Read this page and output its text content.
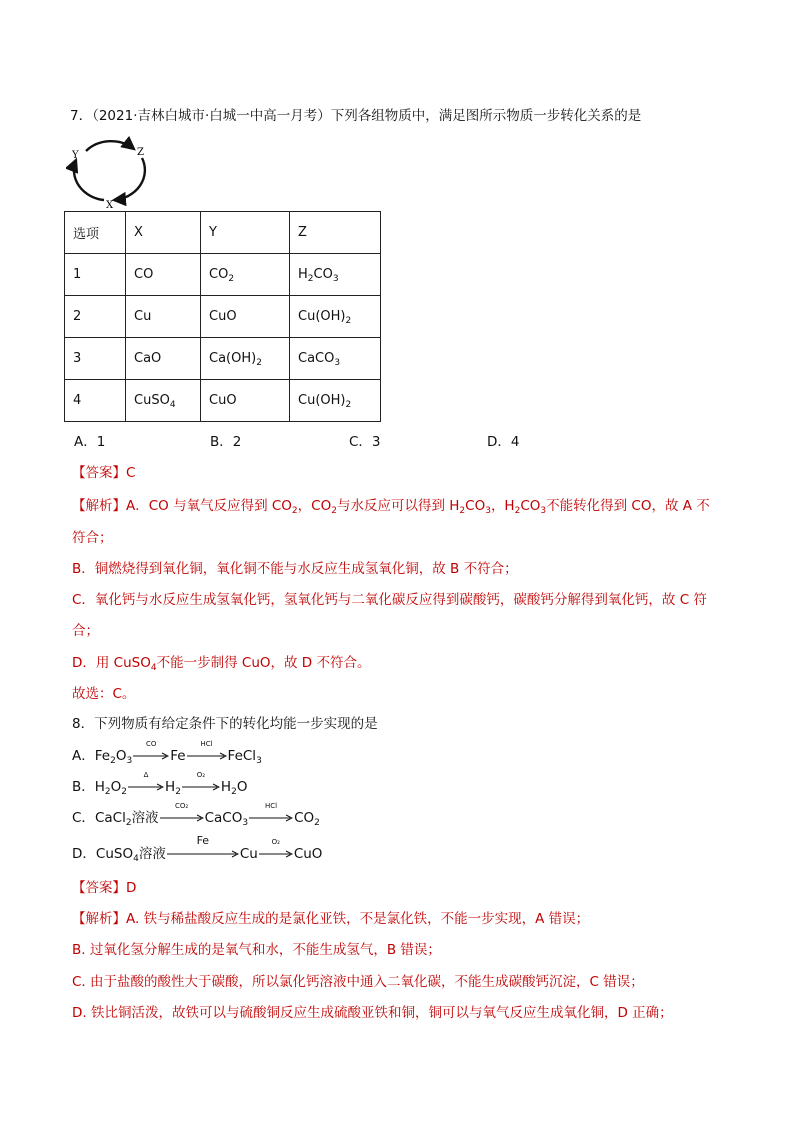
7．（2021·吉林白城市·白城一中高一月考）下列各组物质中，满足图所示物质一步转化关系的是
Y	Z
X
选项	X	Y	Z
1	CO	$CO_2$	$H_2CO_3$
2	Cu	CuO	$Cu(OH)_2$
3	CaO	$Ca(OH)_2$	CaCO$_3$
4	CuSO$_4$	CuO	$Cu(OH)_2$
A．1	B．2	C．3	D．4
【答案】C
【解析】A．CO 与氧气反应得到 $CO_2$，$CO_2$与水反应可以得到 $H_2CO_3$，$H_2CO_3$不能转化得到 CO，故 A 不
符合；
B．铜燃烧得到氧化铜，氧化铜不能与水反应生成氢氧化铜，故 B 不符合；
C．氧化钙与水反应生成氢氧化钙，氢氧化钙与二氧化碳反应得到碳酸钙，碳酸钙分解得到氧化钙，故 C 符
合；
D．用 CuSO$_4$不能一步制得 CuO，故 D 不符合。
故选：C。
8．下列物质有给定条件下的转化均能一步实现的是
A．$Fe_2O_3$
CO
Fe
HCl
FeCl$_3$
B．$H_2O_2$
Δ
$H_2$
O₂
$H_2O$
C．CaCl$_2$溶液
CO₂
CaCO$_3$
HCl
$CO_2$
D．CuSO$_4$溶液
Fe
Cu
O₂
CuO
【答案】D
【解析】A. 铁与稀盐酸反应生成的是氯化亚铁，不是氯化铁，不能一步实现，A 错误；
B. 过氧化氢分解生成的是氧气和水，不能生成氢气，B 错误；
C. 由于盐酸的酸性大于碳酸，所以氯化钙溶液中通入二氧化碳，不能生成碳酸钙沉淀，C 错误；
D. 铁比铜活泼，故铁可以与硫酸铜反应生成硫酸亚铁和铜，铜可以与氧气反应生成氧化铜，D 正确；
